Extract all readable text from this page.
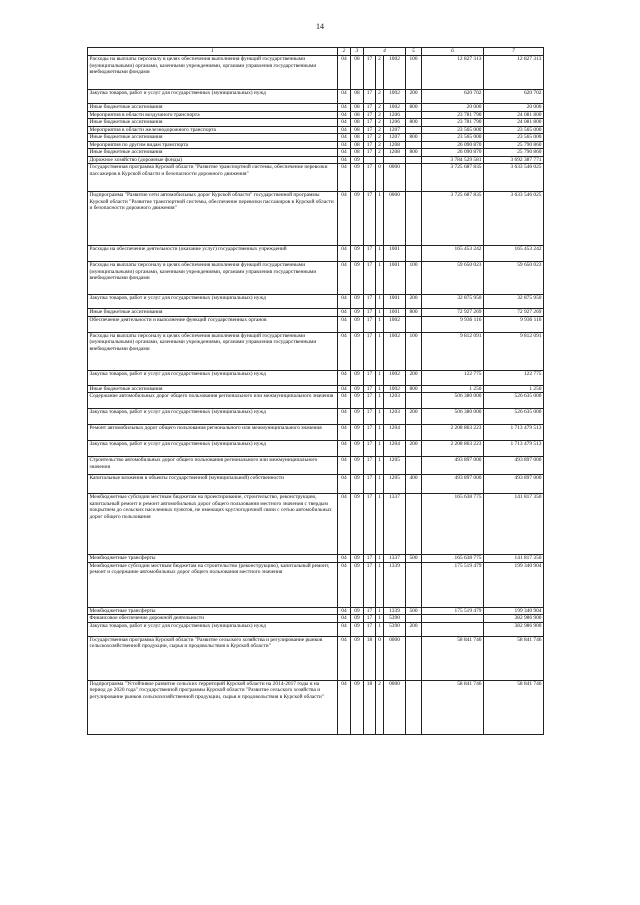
14
1	2	3	4			5	6	7
Расходы на выплаты персоналу в целях обеспечения выполнения функций государственными (муниципальными) органами, казенными учреждениями, органами управления государственными внебюджетными фондами	04	08	17	2	1002	100	12 827 313	12 827 313
Закупка товаров, работ и услуг для государственных (муниципальных) нужд	04	08	17	2	1002	200	620 702	620 702
Иные бюджетные ассигнования	04	08	17	2	1002	800	20 000	20 000
Мероприятия в области воздушного транспорта	04	08	17	2	1206		23 781 790	24 081 800
Иные бюджетные ассигнования	04	08	17	2	1206	800	23 781 790	24 081 800
Мероприятия в области железнодорожного транспорта	04	08	17	2	1207		23 565 000	23 565 000
Иные бюджетные ассигнования	04	08	17	2	1207	800	23 565 000	23 565 000
Мероприятия по другим видам транспорта	04	08	17	2	1208		26 090 870	25 790 860
Иные бюджетные ассигнования	04	08	17	2	1208	800	26 090 870	25 790 860
Дорожное хозяйство (дорожные фонды)	04	09					3 784 529 581	3 692 387 771
Государственная программа Курской области "Развитие транспортной системы, обеспечение перевозки пассажиров в Курской области и безопасности дорожного движения"	04	09	17	0	0000		3 725 687 835	3 633 546 025
Подпрограмма "Развитие сети автомобильных дорог Курской области" государственной программы Курской области "Развитие транспортной системы, обеспечение перевозки пассажиров в Курской области и безопасности дорожного движения"	04	09	17	1	0000		3 725 687 835	3 633 546 025
Расходы на обеспечение деятельности (оказание услуг) государственных учреждений	04	09	17	1	1001		165 453 242	165 453 242
Расходы на выплаты персоналу в целях обеспечения выполнения функций государственными (муниципальными) органами, казенными учреждениями, органами управления государственными внебюджетными фондами	04	09	17	1	1001	100	59 650 023	59 650 023
Закупка товаров, работ и услуг для государственных (муниципальных) нужд	04	09	17	1	1001	200	32 875 950	32 875 950
Иные бюджетные ассигнования	04	09	17	1	1001	800	72 927 269	72 927 269
Обеспечение деятельности и выполнение функций государственных органов	04	09	17	1	1002		9 936 116	9 936 116
Расходы на выплаты персоналу в целях обеспечения выполнения функций государственными (муниципальными) органами, казенными учреждениями, органами управления государственными внебюджетными фондами	04	09	17	1	1002	100	9 812 091	9 812 091
Закупка товаров, работ и услуг для государственных (муниципальных) нужд	04	09	17	1	1002	200	122 775	122 775
Иные бюджетные ассигнования	04	09	17	1	1002	800	1 250	1 250
Содержание автомобильных дорог общего пользования регионального или межмуниципального значения	04	09	17	1	1203		506 380 000	526 635 000
Закупка товаров, работ и услуг для государственных (муниципальных) нужд	04	09	17	1	1203	200	506 380 000	526 635 000
Ремонт автомобильных дорог общего пользования регионального или межмуниципального значения	04	09	17	1	1204		2 208 863 223	1 713 479 513
Закупка товаров, работ и услуг для государственных (муниципальных) нужд	04	09	17	1	1204	200	2 208 863 223	1 713 479 513
Строительство автомобильных дорог общего пользования регионального или межмуниципального значения	04	09	17	1	1205		493 897 000	493 897 000
Капитальные вложения в объекты государственной (муниципальной) собственности	04	09	17	1	1205	400	493 897 000	493 897 000
Межбюджетные субсидии местным бюджетам на проектирование, строительство, реконструкцию, капитальный ремонт и ремонт автомобильных дорог общего пользования местного значения с твердым покрытием до сельских населенных пунктов, не имеющих круглогодичной связи с сетью автомобильных дорог общего пользования	04	09	17	1	1337		165 638 775	141 817 350
Межбюджетные трансферты	04	09	17	1	1337	500	165 638 775	141 817 350
Межбюджетные субсидии местным бюджетам на строительство (реконструкцию), капитальный ремонт, ремонт и содержание автомобильных дорог общего пользования местного значения	04	09	17	1	1339		175 519 479	199 340 904
Межбюджетные трансферты	04	09	17	1	1339	500	175 519 479	199 340 904
Финансовое обеспечение дорожной деятельности	04	09	17	1	5390			382 986 900
Закупка товаров, работ и услуг для государственных (муниципальных) нужд	04	09	17	1	5390	200		382 986 900
Государственная программа Курской области "Развитие сельского хозяйства и регулирование рынков сельскохозяйственной продукции, сырья и продовольствия в Курской области"	04	09	18	0	0000		58 841 746	58 841 746
Подпрограмма "Устойчивое развитие сельских территорий Курской области на 2014-2017 годы и на период до 2020 года" государственной программы Курской области "Развитие сельского хозяйства и регулирование рынков сельскохозяйственной продукции, сырья и продовольствия в Курской области"	04	09	18	2	0000		58 841 746	58 841 746
